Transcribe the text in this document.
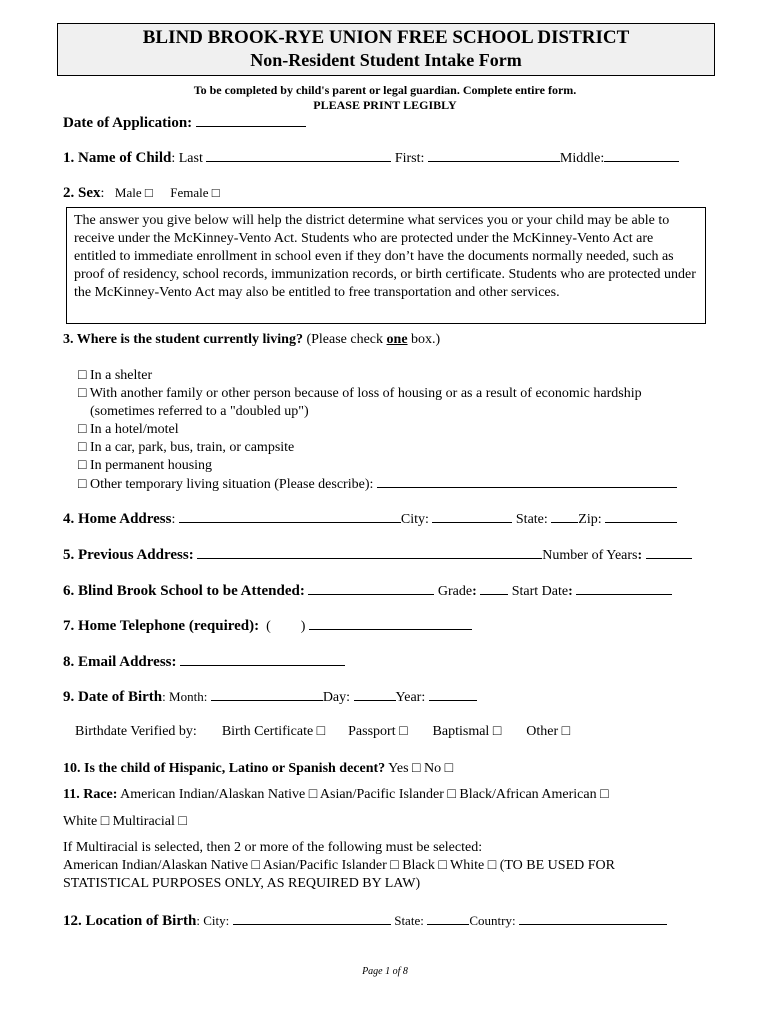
BLIND BROOK-RYE UNION FREE SCHOOL DISTRICT
Non-Resident Student Intake Form
To be completed by child's parent or legal guardian. Complete entire form.
PLEASE PRINT LEGIBLY
Date of Application:
1. Name of Child: Last	First:	Middle:
2. Sex:   Male □ Female □
The answer you give below will help the district determine what services you or your child may be able to receive under the McKinney-Vento Act. Students who are protected under the McKinney-Vento Act are entitled to immediate enrollment in school even if they don’t have the documents normally needed, such as proof of residency, school records, immunization records, or birth certificate. Students who are protected under the McKinney-Vento Act may also be entitled to free transportation and other services.
3. Where is the student currently living? (Please check one box.)
□ In a shelter
□ With another family or other person because of loss of housing or as a result of economic hardship
(sometimes referred to a "doubled up")
□ In a hotel/motel
□ In a car, park, bus, train, or campsite
□ In permanent housing
□ Other temporary living situation (Please describe):
4. Home Address:	City:	State: Zip:
5. Previous Address:	Number of Years:
6. Blind Brook School to be Attended:	Grade:	Start Date:
7. Home Telephone (required): ( )
8. Email Address:
9. Date of Birth: Month:	Day:	Year:
Birthdate Verified by: Birth Certificate □ Passport □ Baptismal □ Other □
10. Is the child of Hispanic, Latino or Spanish decent? Yes □ No □
11. Race: American Indian/Alaskan Native □ Asian/Pacific Islander □ Black/African American □
White □ Multiracial □
If Multiracial is selected, then 2 or more of the following must be selected:
American Indian/Alaskan Native □ Asian/Pacific Islander □ Black □ White □ (TO BE USED FOR
STATISTICAL PURPOSES ONLY, AS REQUIRED BY LAW)
12. Location of Birth: City:	State:	Country:
Page 1 of 8
